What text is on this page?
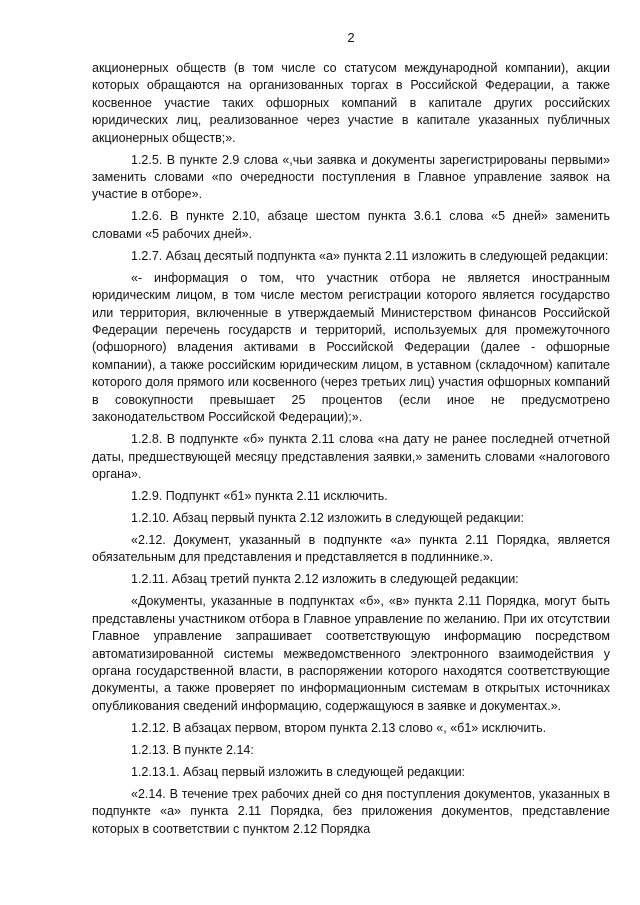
2

акционерных обществ (в том числе со статусом международной компании), акции которых обращаются на организованных торгах в Российской Федерации, а также косвенное участие таких офшорных компаний в капитале других российских юридических лиц, реализованное через участие в капитале указанных публичных акционерных обществ;».

1.2.5. В пункте 2.9 слова «,чьи заявка и документы зарегистрированы первыми» заменить словами «по очередности поступления в Главное управление заявок на участие в отборе».

1.2.6. В пункте 2.10, абзаце шестом пункта 3.6.1 слова «5 дней» заменить словами «5 рабочих дней».

1.2.7. Абзац десятый подпункта «а» пункта 2.11 изложить в следующей редакции:

«- информация о том, что участник отбора не является иностранным юридическим лицом, в том числе местом регистрации которого является государство или территория, включенные в утверждаемый Министерством финансов Российской Федерации перечень государств и территорий, используемых для промежуточного (офшорного) владения активами в Российской Федерации (далее - офшорные компании), а также российским юридическим лицом, в уставном (складочном) капитале которого доля прямого или косвенного (через третьих лиц) участия офшорных компаний в совокупности превышает 25 процентов (если иное не предусмотрено законодательством Российской Федерации);».

1.2.8. В подпункте «б» пункта 2.11 слова «на дату не ранее последней отчетной даты, предшествующей месяцу представления заявки,» заменить словами «налогового органа».

1.2.9. Подпункт «б1» пункта 2.11 исключить.

1.2.10. Абзац первый пункта 2.12 изложить в следующей редакции:

«2.12. Документ, указанный в подпункте «а» пункта 2.11 Порядка, является обязательным для представления и представляется в подлиннике.».

1.2.11. Абзац третий пункта 2.12 изложить в следующей редакции:

«Документы, указанные в подпунктах «б», «в» пункта 2.11 Порядка, могут быть представлены участником отбора в Главное управление по желанию. При их отсутствии Главное управление запрашивает соответствующую информацию посредством автоматизированной системы межведомственного электронного взаимодействия у органа государственной власти, в распоряжении которого находятся соответствующие документы, а также проверяет по информационным системам в открытых источниках опубликования сведений информацию, содержащуюся в заявке и документах.».

1.2.12. В абзацах первом, втором пункта 2.13 слово «, «б1» исключить.

1.2.13. В пункте 2.14:

1.2.13.1. Абзац первый изложить в следующей редакции:

«2.14. В течение трех рабочих дней со дня поступления документов, указанных в подпункте «а» пункта 2.11 Порядка, без приложения документов, представление которых в соответствии с пунктом 2.12 Порядка
